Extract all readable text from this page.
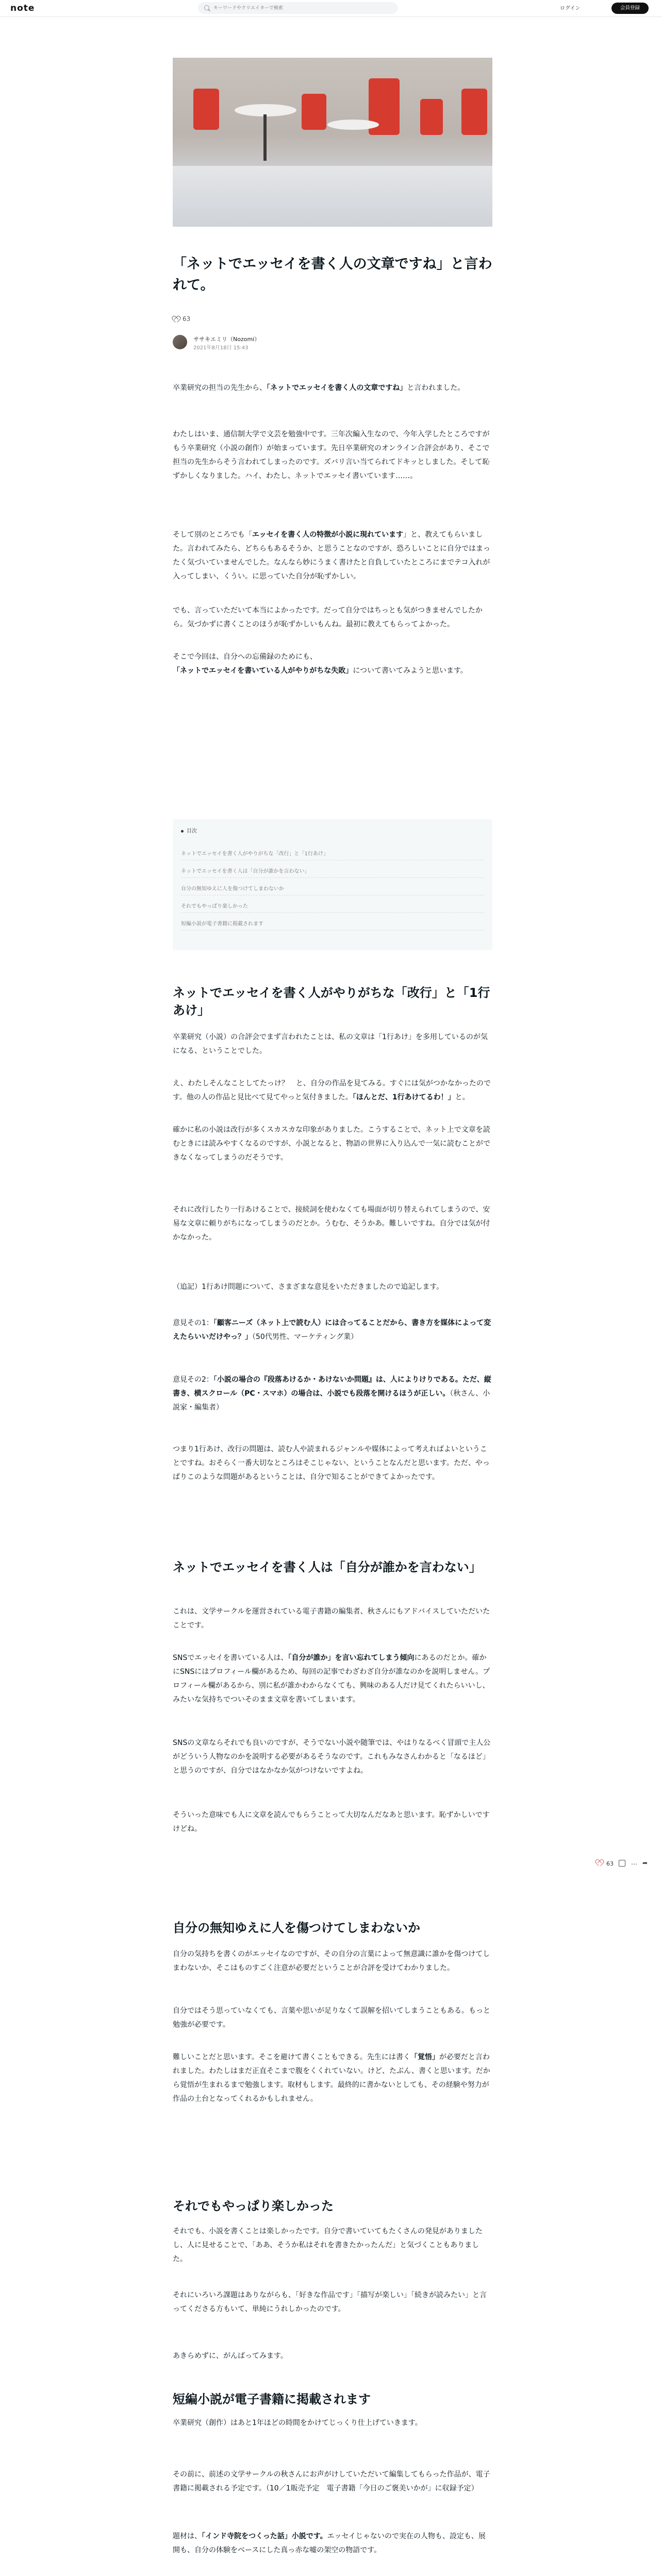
note
キーワードやクリエイターで検索	ログイン	会員登録
「ネットでエッセイを書く人の文章ですね」と言われて。
63
ササキエミリ（Nozomi）
2021年8月18日 15:43

卒業研究の担当の先生から、「ネットでエッセイを書く人の文章ですね」と言われました。

わたしはいま、通信制大学で文芸を勉強中です。三年次編入生なので、今年入学したところですがもう卒業研究（小説の創作）が始まっています。先日卒業研究のオンライン合評会があり、そこで担当の先生からそう言われてしまったのです。ズバリ言い当てられてドキッとしました。そして恥ずかしくなりました。ハイ、わたし、ネットでエッセイ書いています……。

そして別のところでも「エッセイを書く人の特徴が小説に現れています」と、教えてもらいました。言われてみたら、どちらもあるそうか、と思うことなのですが、恐ろしいことに自分ではまったく気づいていませんでした。なんなら妙にうまく書けたと自負していたところにまでテコ入れが入ってしまい、くうい。に思っていた自分が恥ずかしい。

でも、言っていただいて本当によかったです。だって自分ではちっとも気がつきませんでしたから。気づかずに書くことのほうが恥ずかしいもんね。最初に教えてもらってよかった。

そこで今回は、自分への忘備録のためにも、「ネットでエッセイを書いている人がやりがちな失敗」について書いてみようと思います。

目次
ネットでエッセイを書く人がやりがちな「改行」と「1行あけ」
ネットでエッセイを書く人は「自分が誰かを言わない」
自分の無知ゆえに人を傷つけてしまわないか
それでもやっぱり楽しかった
短編小説が電子書籍に掲載されます
ネットでエッセイを書く人がやりがちな「改行」と「1行あけ」

卒業研究（小説）の合評会でまず言われたことは、私の文章は「1行あけ」を多用しているのが気になる、ということでした。

え、わたしそんなことしてたっけ？　と、自分の作品を見てみる。すぐには気がつかなかったのです。他の人の作品と見比べて見てやっと気付きました。「ほんとだ、1行あけてるわ！」と。

確かに私の小説は改行が多くスカスカな印象がありました。こうすることで、ネット上で文章を読むときには読みやすくなるのですが、小説となると、物語の世界に入り込んで一気に読むことができなくなってしまうのだそうです。

それに改行したり一行あけることで、接続詞を使わなくても場面が切り替えられてしまうので、安易な文章に頼りがちになってしまうのだとか。うむむ、そうかあ。難しいですね。自分では気が付かなかった。

（追記）1行あけ問題について、さまざまな意見をいただきましたので追記します。

意見その1：「顧客ニーズ（ネット上で読む人）には合ってることだから、書き方を媒体によって変えたらいいだけやっ？」（50代男性、マーケティング業）

意見その2：「小説の場合の『段落あけるか・あけないか問題』は、人によりけりである。ただ、縦書き、横スクロール（PC・スマホ）の場合は、小説でも段落を開けるほうが正しい。（秋さん、小説家・編集者）

つまり1行あけ、改行の問題は、読む人や読まれるジャンルや媒体によって考えればよいということですね。おそらく一番大切なところはそこじゃない、ということなんだと思います。ただ、やっぱりこのような問題があるということは、自分で知ることができてよかったです。

ネットでエッセイを書く人は「自分が誰かを言わない」

これは、文学サークルを運営されている電子書籍の編集者、秋さんにもアドバイスしていただいたことです。

SNSでエッセイを書いている人は、「自分が誰か」を言い忘れてしまう傾向にあるのだとか。確かにSNSにはプロフィール欄があるため、毎回の記事でわざわざ自分が誰なのかを説明しません。プロフィール欄があるから、別に私が誰かわからなくても、興味のある人だけ見てくれたらいいし、みたいな気持ちでついそのまま文章を書いてしまいます。

SNSの文章ならそれでも良いのですが、そうでない小説や随筆では、やはりなるべく冒頭で主人公がどういう人物なのかを説明する必要があるそうなのです。これもみなさんわかると「なるほど」と思うのですが、自分ではなかなか気がつけないですよね。

そういった意味でも人に文章を読んでもらうことって大切なんだなあと思います。恥ずかしいですけどね。

63	⋯ ➦
自分の無知ゆえに人を傷つけてしまわないか

自分の気持ちを書くのがエッセイなのですが、その自分の言葉によって無意識に誰かを傷つけてしまわないか、そこはものすごく注意が必要だということが合評を受けてわかりました。

自分ではそう思っていなくても、言葉や思いが足りなくて誤解を招いてしまうこともある。もっと勉強が必要です。

難しいことだと思います。そこを避けて書くこともできる。先生には書く「覚悟」が必要だと言われました。わたしはまだ正直そこまで腹をくくれていない。けど、たぶん、書くと思います。だから覚悟が生まれるまで勉強します。取材もします。最終的に書かないとしても、その経験や努力が作品の土台となってくれるかもしれません。

それでもやっぱり楽しかった

それでも、小説を書くことは楽しかったです。自分で書いていてもたくさんの発見がありましたし、人に見せることで、「ああ、そうか私はそれを書きたかったんだ」と気づくこともありました。

それにいろいろ課題はありながらも、「好きな作品です」「描写が楽しい」「続きが読みたい」と言ってくださる方もいて、単純にうれしかったのです。

あきらめずに、がんばってみます。

短編小説が電子書籍に掲載されます

卒業研究（創作）はあと1年ほどの時間をかけてじっくり仕上げていきます。

その前に、前述の文学サークルの秋さんにお声がけしていただいて編集してもらった作品が、電子書籍に掲載される予定です。（10／1販売予定　電子書籍「今日のご褒美いかが」に収録予定）

題材は、「インド寺院をつくった話」小説です。エッセイじゃないので実在の人物も、設定も、展開も、自分の体験をベースにした真っ赤な嘘の架空の物語です。
